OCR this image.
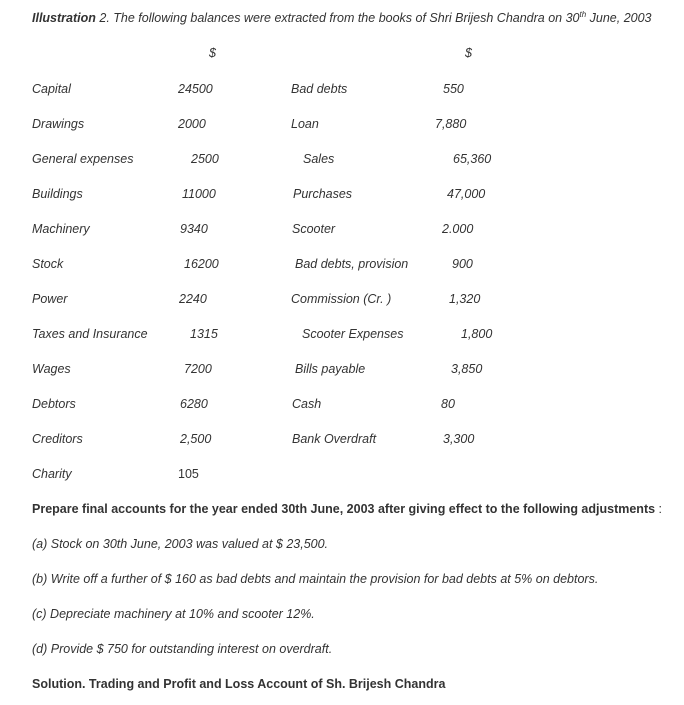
Illustration 2. The following balances were extracted from the books of Shri Brijesh Chandra on 30th June, 2003
$	$
Capital	24500	Bad debts	550
Drawings	2000	Loan	7,880
General expenses	2500	Sales	65,360
Buildings	11000	Purchases	47,000
Machinery	9340	Scooter	2.000
Stock	16200	Bad debts, provision	900
Power	2240	Commission (Cr. )	1,320
Taxes and Insurance	1315	Scooter Expenses	1,800
Wages	7200	Bills payable	3,850
Debtors	6280	Cash	80
Creditors	2,500	Bank Overdraft	3,300
Charity	105
Prepare final accounts for the year ended 30th June, 2003 after giving effect to the following adjustments :
(a) Stock on 30th June, 2003 was valued at $ 23,500.
(b) Write off a further of $ 160 as bad debts and maintain the provision for bad debts at 5% on debtors.
(c) Depreciate machinery at 10% and scooter 12%.
(d) Provide $ 750 for outstanding interest on overdraft.
Solution. Trading and Profit and Loss Account of Sh. Brijesh Chandra
